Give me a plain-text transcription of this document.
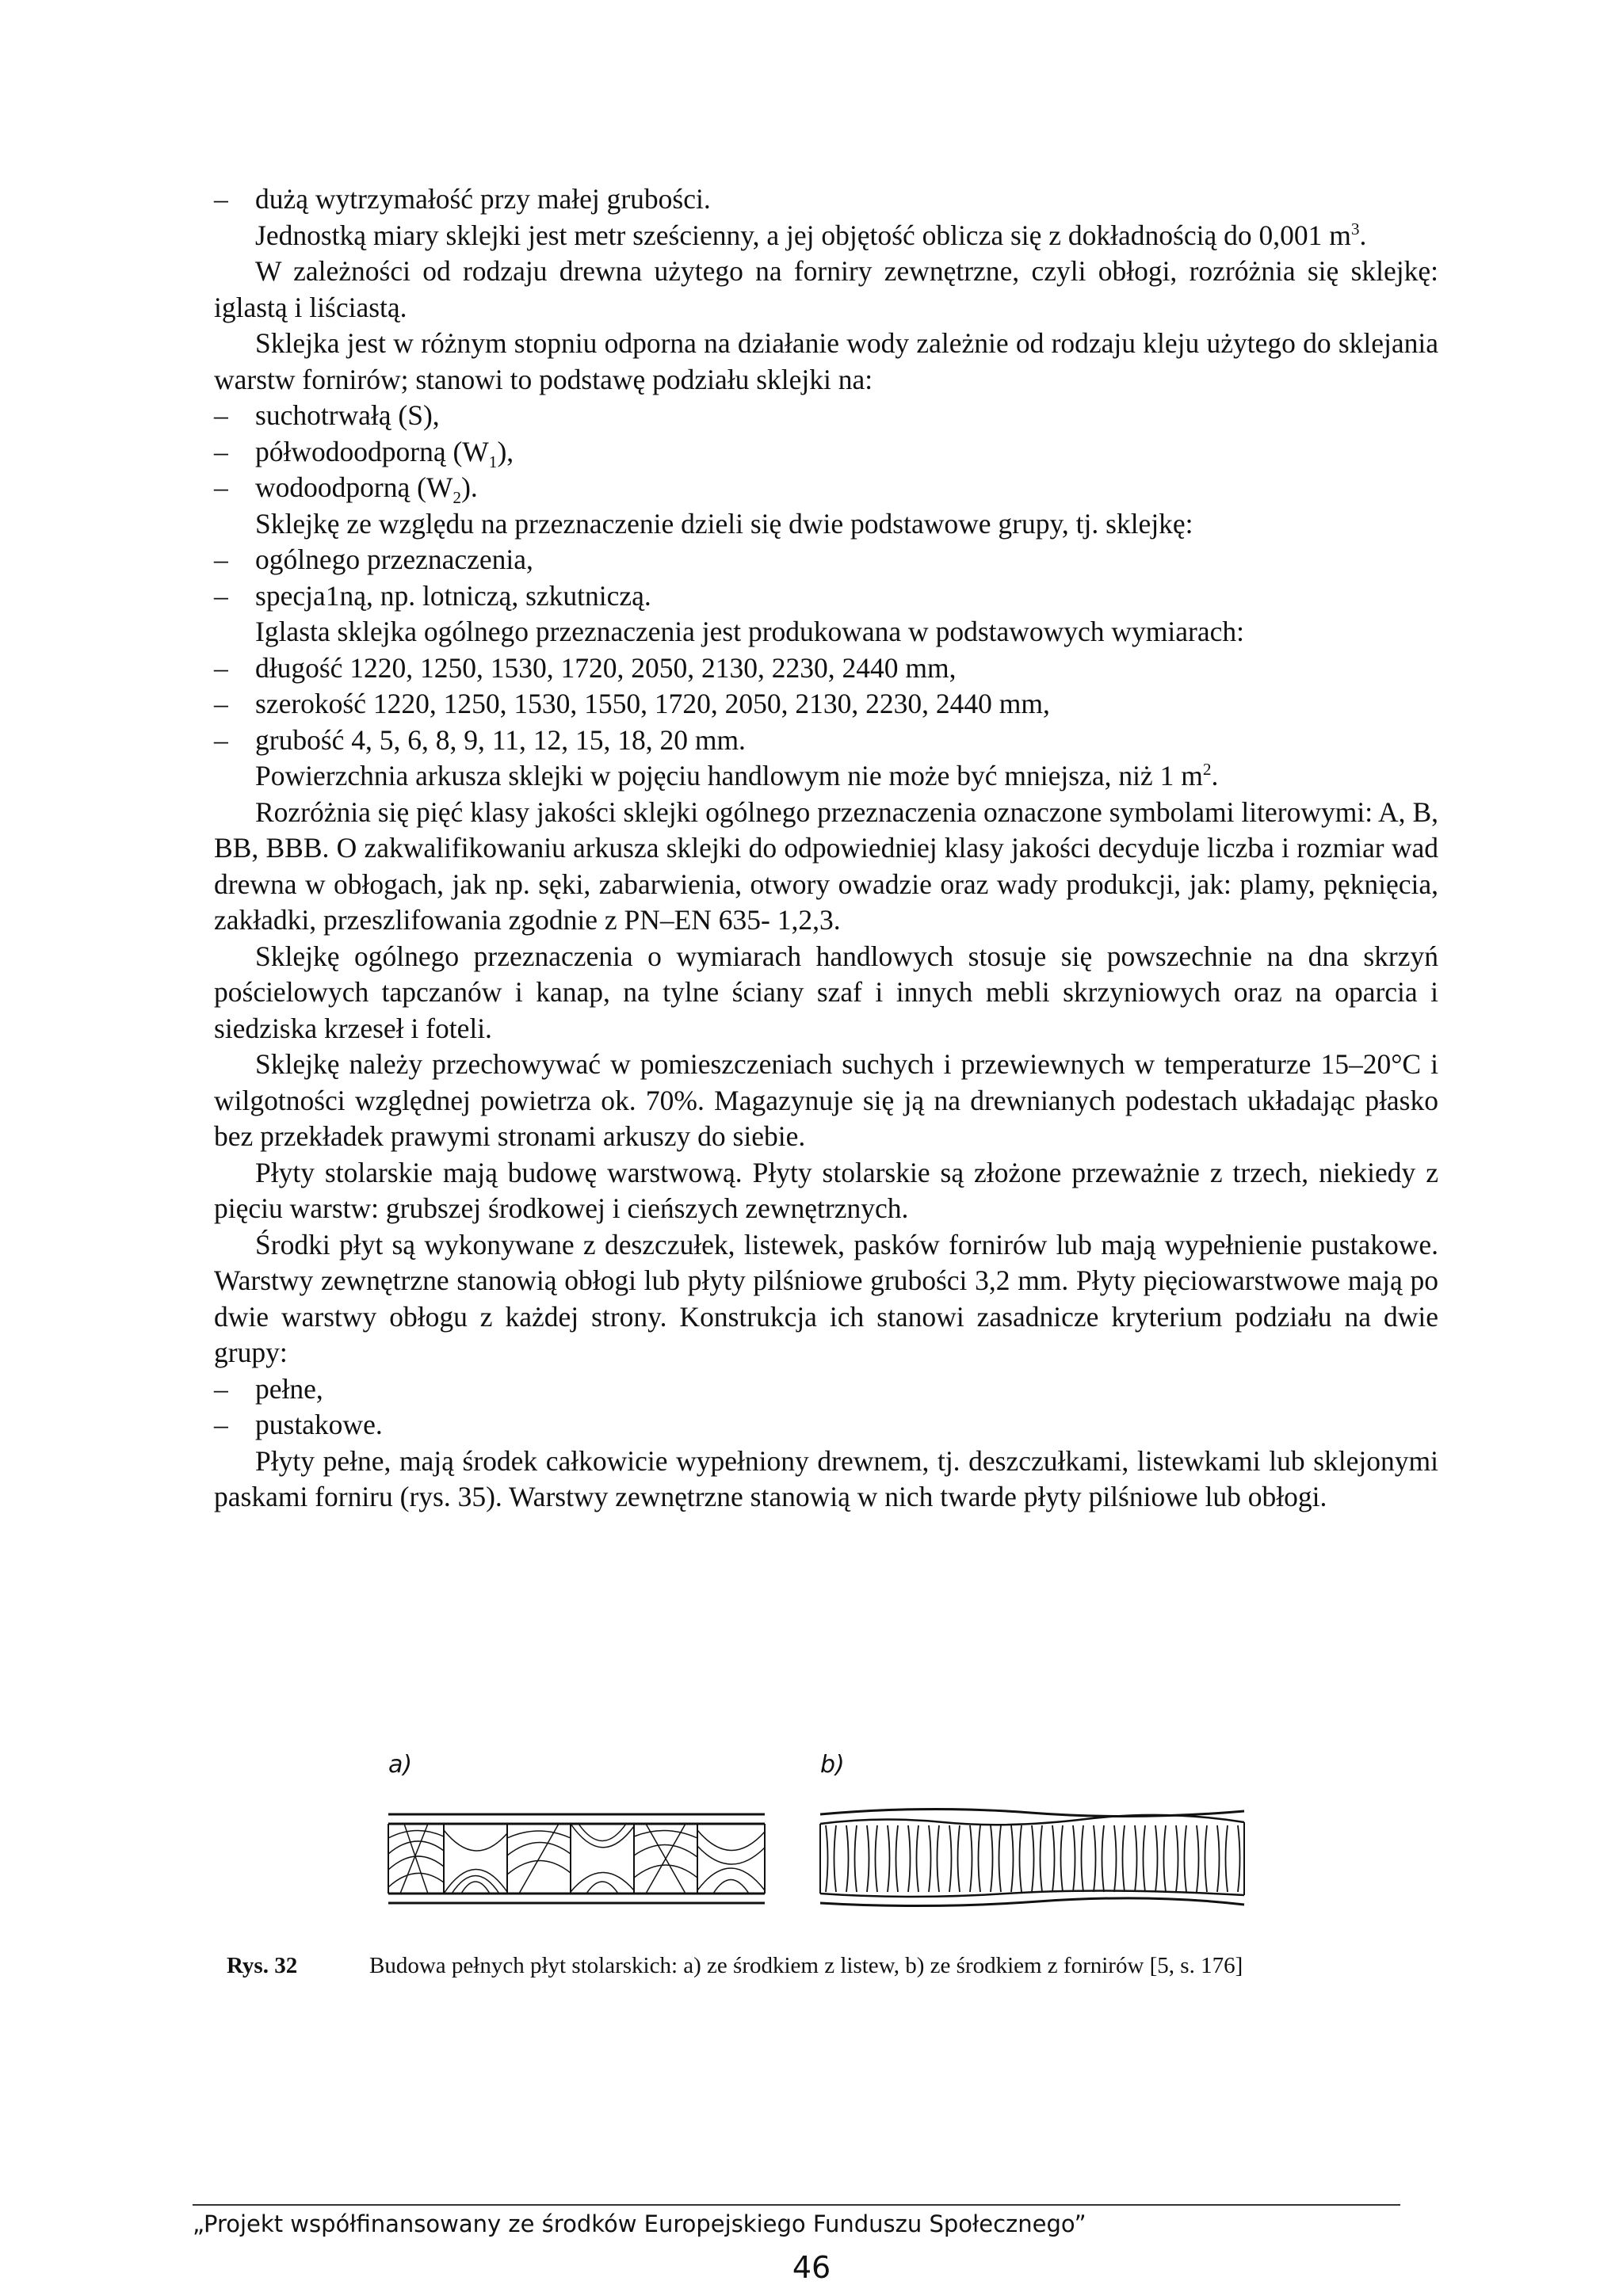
– dużą wytrzymałość przy małej grubości.

Jednostką miary sklejki jest metr sześcienny, a jej objętość oblicza się z dokładnością do 0,001 $m^3$.

W zależności od rodzaju drewna użytego na forniry zewnętrzne, czyli obłogi, rozróżnia się sklejkę: iglastą i liściastą.

Sklejka jest w różnym stopniu odporna na działanie wody zależnie od rodzaju kleju użytego do sklejania warstw fornirów; stanowi to podstawę podziału sklejki na:

– suchotrwałą (S),

– półwodoodporną $(W_1)$,

– wodoodporną $(W_2)$.

Sklejkę ze względu na przeznaczenie dzieli się dwie podstawowe grupy, tj. sklejkę:

– ogólnego przeznaczenia,

– specja1ną, np. lotniczą, szkutniczą.

Iglasta sklejka ogólnego przeznaczenia jest produkowana w podstawowych wymiarach:

– długość 1220, 1250, 1530, 1720, 2050, 2130, 2230, 2440 mm,

– szerokość 1220, 1250, 1530, 1550, 1720, 2050, 2130, 2230, 2440 mm,

– grubość 4, 5, 6, 8, 9, 11, 12, 15, 18, 20 mm.

Powierzchnia arkusza sklejki w pojęciu handlowym nie może być mniejsza, niż 1 $m^2$.

Rozróżnia się pięć klasy jakości sklejki ogólnego przeznaczenia oznaczone symbolami literowymi: A, B, BB, BBB. O zakwalifikowaniu arkusza sklejki do odpowiedniej klasy jakości decyduje liczba i rozmiar wad drewna w obłogach, jak np. sęki, zabarwienia, otwory owadzie oraz wady produkcji, jak: plamy, pęknięcia, zakładki, przeszlifowania zgodnie z PN–EN 635- 1,2,3.

Sklejkę ogólnego przeznaczenia o wymiarach handlowych stosuje się powszechnie na dna skrzyń pościelowych tapczanów i kanap, na tylne ściany szaf i innych mebli skrzyniowych oraz na oparcia i siedziska krzeseł i foteli.

Sklejkę należy przechowywać w pomieszczeniach suchych i przewiewnych w temperaturze 15–20°C i wilgotności względnej powietrza ok. 70%. Magazynuje się ją na drewnianych podestach układając płasko bez przekładek prawymi stronami arkuszy do siebie.

Płyty stolarskie mają budowę warstwową. Płyty stolarskie są złożone przeważnie z trzech, niekiedy z pięciu warstw: grubszej środkowej i cieńszych zewnętrznych.

Środki płyt są wykonywane z deszczułek, listewek, pasków fornirów lub mają wypełnienie pustakowe. Warstwy zewnętrzne stanowią obłogi lub płyty pilśniowe grubości 3,2 mm. Płyty pięciowarstwowe mają po dwie warstwy obłogu z każdej strony. Konstrukcja ich stanowi zasadnicze kryterium podziału na dwie grupy:

– pełne,

– pustakowe.

Płyty pełne, mają środek całkowicie wypełniony drewnem, tj. deszczułkami, listewkami lub sklejonymi paskami forniru (rys. 35). Warstwy zewnętrzne stanowią w nich twarde płyty pilśniowe lub obłogi.

a)	b)
Rys. 32	Budowa pełnych płyt stolarskich: a) ze środkiem z listew, b) ze środkiem z fornirów [5, s. 176]
„Projekt współfinansowany ze środków Europejskiego Funduszu Społecznego”
46
